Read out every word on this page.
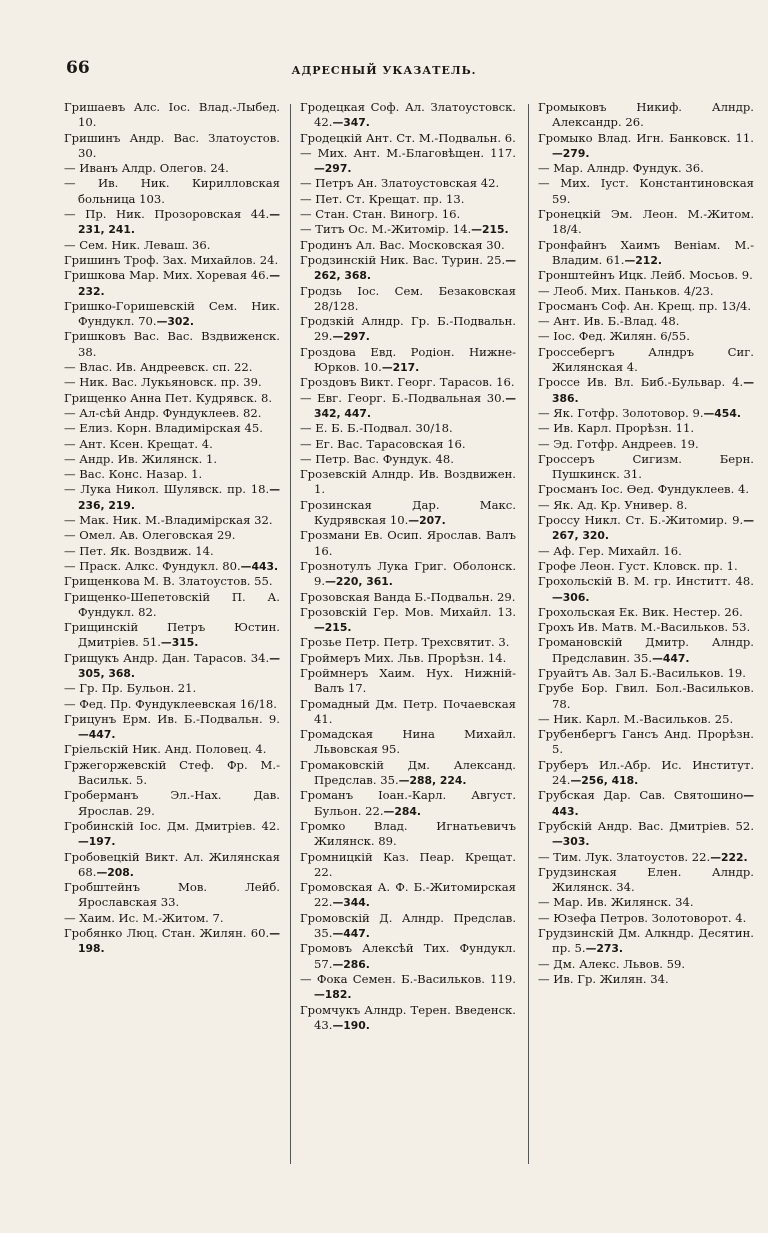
66	АДРЕСНЫЙ УКАЗАТЕЛЬ.

Гришаевъ Алс. Іос. Влад.-Лыбед. 10.

Гришинъ Андр. Вас. Златоустов. 30.

— Иванъ Алдр. Олегов. 24.

— Ив. Ник. Кирилловская больница 103.

— Пр. Ник. Прозоровская 44.—231, 241.

— Сем. Ник. Леваш. 36.

Гришинъ Троф. Зах. Михайлов. 24.

Гришкова Мар. Мих. Хоревая 46.—232.

Гришко-Горишевскій Сем. Ник. Фундукл. 70.—302.

Гришковъ Вас. Вас. Вздвиженск. 38.

— Влас. Ив. Андреевск. сп. 22.

— Ник. Вас. Лукьяновск. пр. 39.

Грищенко Анна Пет. Кудрявск. 8.

— Ал-сѣй Андр. Фундуклеев. 82.

— Елиз. Корн. Владимірская 45.

— Ант. Ксен. Крещат. 4.

— Андр. Ив. Жилянск. 1.

— Вас. Конс. Назар. 1.

— Лука Никол. Шулявск. пр. 18.—236, 219.

— Мак. Ник. М.-Владимірская 32.

— Омел. Ав. Олеговская 29.

— Пет. Як. Воздвиж. 14.

— Праск. Алкс. Фундукл. 80.—443.

Грищенкова М. В. Златоустов. 55.

Грищенко-Шепетовскій П. А. Фундукл. 82.

Грищинскій Петръ Юстин. Дмитріев. 51.—315.

Грищукъ Андр. Дан. Тарасов. 34.—305, 368.

— Гр. Пр. Бульон. 21.

— Фед. Пр. Фундуклеевская 16/18.

Грицунъ Ерм. Ив. Б.-Подвальн. 9.—447.

Гріельскій Ник. Анд. Половец. 4.

Гржегоржевскій Стеф. Фр. М.-Васильк. 5.

Гроберманъ Эл.-Нах. Дав. Ярослав. 29.

Гробинскій Іос. Дм. Дмитріев. 42.—197.

Гробовецкій Викт. Ал. Жилянская 68.—208.

Гробштейнъ Мов. Лейб. Ярославская 33.

— Хаим. Ис. М.-Житом. 7.

Гробянко Люц. Стан. Жилян. 60.—198.

Гродецкая Соф. Ал. Златоустовск. 42.—347.

Гродецкій Ант. Ст. М.-Подвальн. 6.

— Мих. Ант. М.-Благовѣщен. 117.—297.

— Петръ Ан. Златоустовская 42.

— Пет. Ст. Крещат. пр. 13.

— Стан. Стан. Виногр. 16.

— Титъ Ос. М.-Житомір. 14.—215.

Гродинъ Ал. Вас. Московская 30.

Гродзинскій Ник. Вас. Турин. 25.—262, 368.

Гродзь Іос. Сем. Безаковская 28/128.

Гродзкій Алндр. Гр. Б.-Подвальн. 29.—297.

Гроздова Евд. Родіон. Нижне-Юрков. 10.—217.

Гроздовъ Викт. Георг. Тарасов. 16.

— Евг. Георг. Б.-Подвальная 30.—342, 447.

— Е. Б. Б.-Подвал. 30/18.

— Ег. Вас. Тарасовская 16.

— Петр. Вас. Фундук. 48.

Грозевскій Алндр. Ив. Воздвижен. 1.

Грозинская Дар. Макс. Кудрявская 10.—207.

Грозмани Ев. Осип. Ярослав. Валъ 16.

Грознотулъ Лука Григ. Оболонск. 9.—220, 361.

Грозовская Ванда Б.-Подвальн. 29.

Грозовскій Гер. Мов. Михайл. 13.—215.

Грозье Петр. Петр. Трехсвятит. 3.

Гроймеръ Мих. Льв. Прорѣзн. 14.

Гроймнеръ Хаим. Нух. Нижній-Валъ 17.

Громадный Дм. Петр. Почаевская 41.

Громадская Нина Михайл. Львовская 95.

Громаковскій Дм. Александ. Предслав. 35.—288, 224.

Громанъ Іоан.-Карл. Август. Бульон. 22.—284.

Громко Влад. Игнатьевичъ Жилянск. 89.

Громницкій Каз. Пеар. Крещат. 22.

Громовская А. Ф. Б.-Житомирская 22.—344.

Громовскій Д. Алндр. Предслав. 35.—447.

Громовъ Алексѣй Тих. Фундукл. 57.—286.

— Фока Семен. Б.-Васильков. 119.—182.

Громчукъ Алндр. Терен. Введенск. 43.—190.

Громыковъ Никиф. Алндр. Александр. 26.

Громыко Влад. Игн. Банковск. 11.—279.

— Мар. Алндр. Фундук. 36.

— Мих. Іуст. Константиновская 59.

Гронецкій Эм. Леон. М.-Житом. 18/4.

Гронфайнъ Хаимъ Веніам. М.-Владим. 61.—212.

Гронштейнъ Ицк. Лейб. Мосьов. 9.

— Леоб. Мих. Паньков. 4/23.

Гросманъ Соф. Ан. Крещ. пр. 13/4.

— Ант. Ив. Б.-Влад. 48.

— Іос. Фед. Жилян. 6/55.

Гроссебергъ Алндръ Сиг. Жилянская 4.

Гроссе Ив. Вл. Биб.-Бульвар. 4.—386.

— Як. Готфр. Золотовор. 9.—454.

— Ив. Карл. Прорѣзн. 11.

— Эд. Готфр. Андреев. 19.

Гроссеръ Сигизм. Берн. Пушкинск. 31.

Гросманъ Іос. Ѳед. Фундуклеев. 4.

— Як. Ад. Кр. Универ. 8.

Гроссу Никл. Ст. Б.-Житомир. 9.—267, 320.

— Аф. Гер. Михайл. 16.

Грофе Леон. Густ. Кловск. пр. 1.

Грохольскій В. М. гр. Инститт. 48.—306.

Грохольская Ек. Вик. Нестер. 26.

Грохъ Ив. Матв. М.-Васильков. 53.

Громановскій Дмитр. Алндр. Предславин. 35.—447.

Груайтъ Ав. Зал Б.-Васильков. 19.

Грубе Бор. Гвил. Бол.-Васильков. 78.

— Ник. Карл. М.-Васильков. 25.

Грубенбергъ Гансъ Анд. Прорѣзн. 5.

Груберъ Ил.-Абр. Ис. Институт. 24.—256, 418.

Грубская Дар. Сав. Святошино—443.

Грубскій Андр. Вас. Дмитріев. 52.—303.

— Тим. Лук. Златоустов. 22.—222.

Грудзинская Елен. Алндр. Жилянск. 34.

— Мар. Ив. Жилянск. 34.

— Юзефа Петров. Золотоворот. 4.

Грудзинскій Дм. Алкндр. Десятин. пр. 5.—273.

— Дм. Алекс. Львов. 59.

— Ив. Гр. Жилян. 34.
